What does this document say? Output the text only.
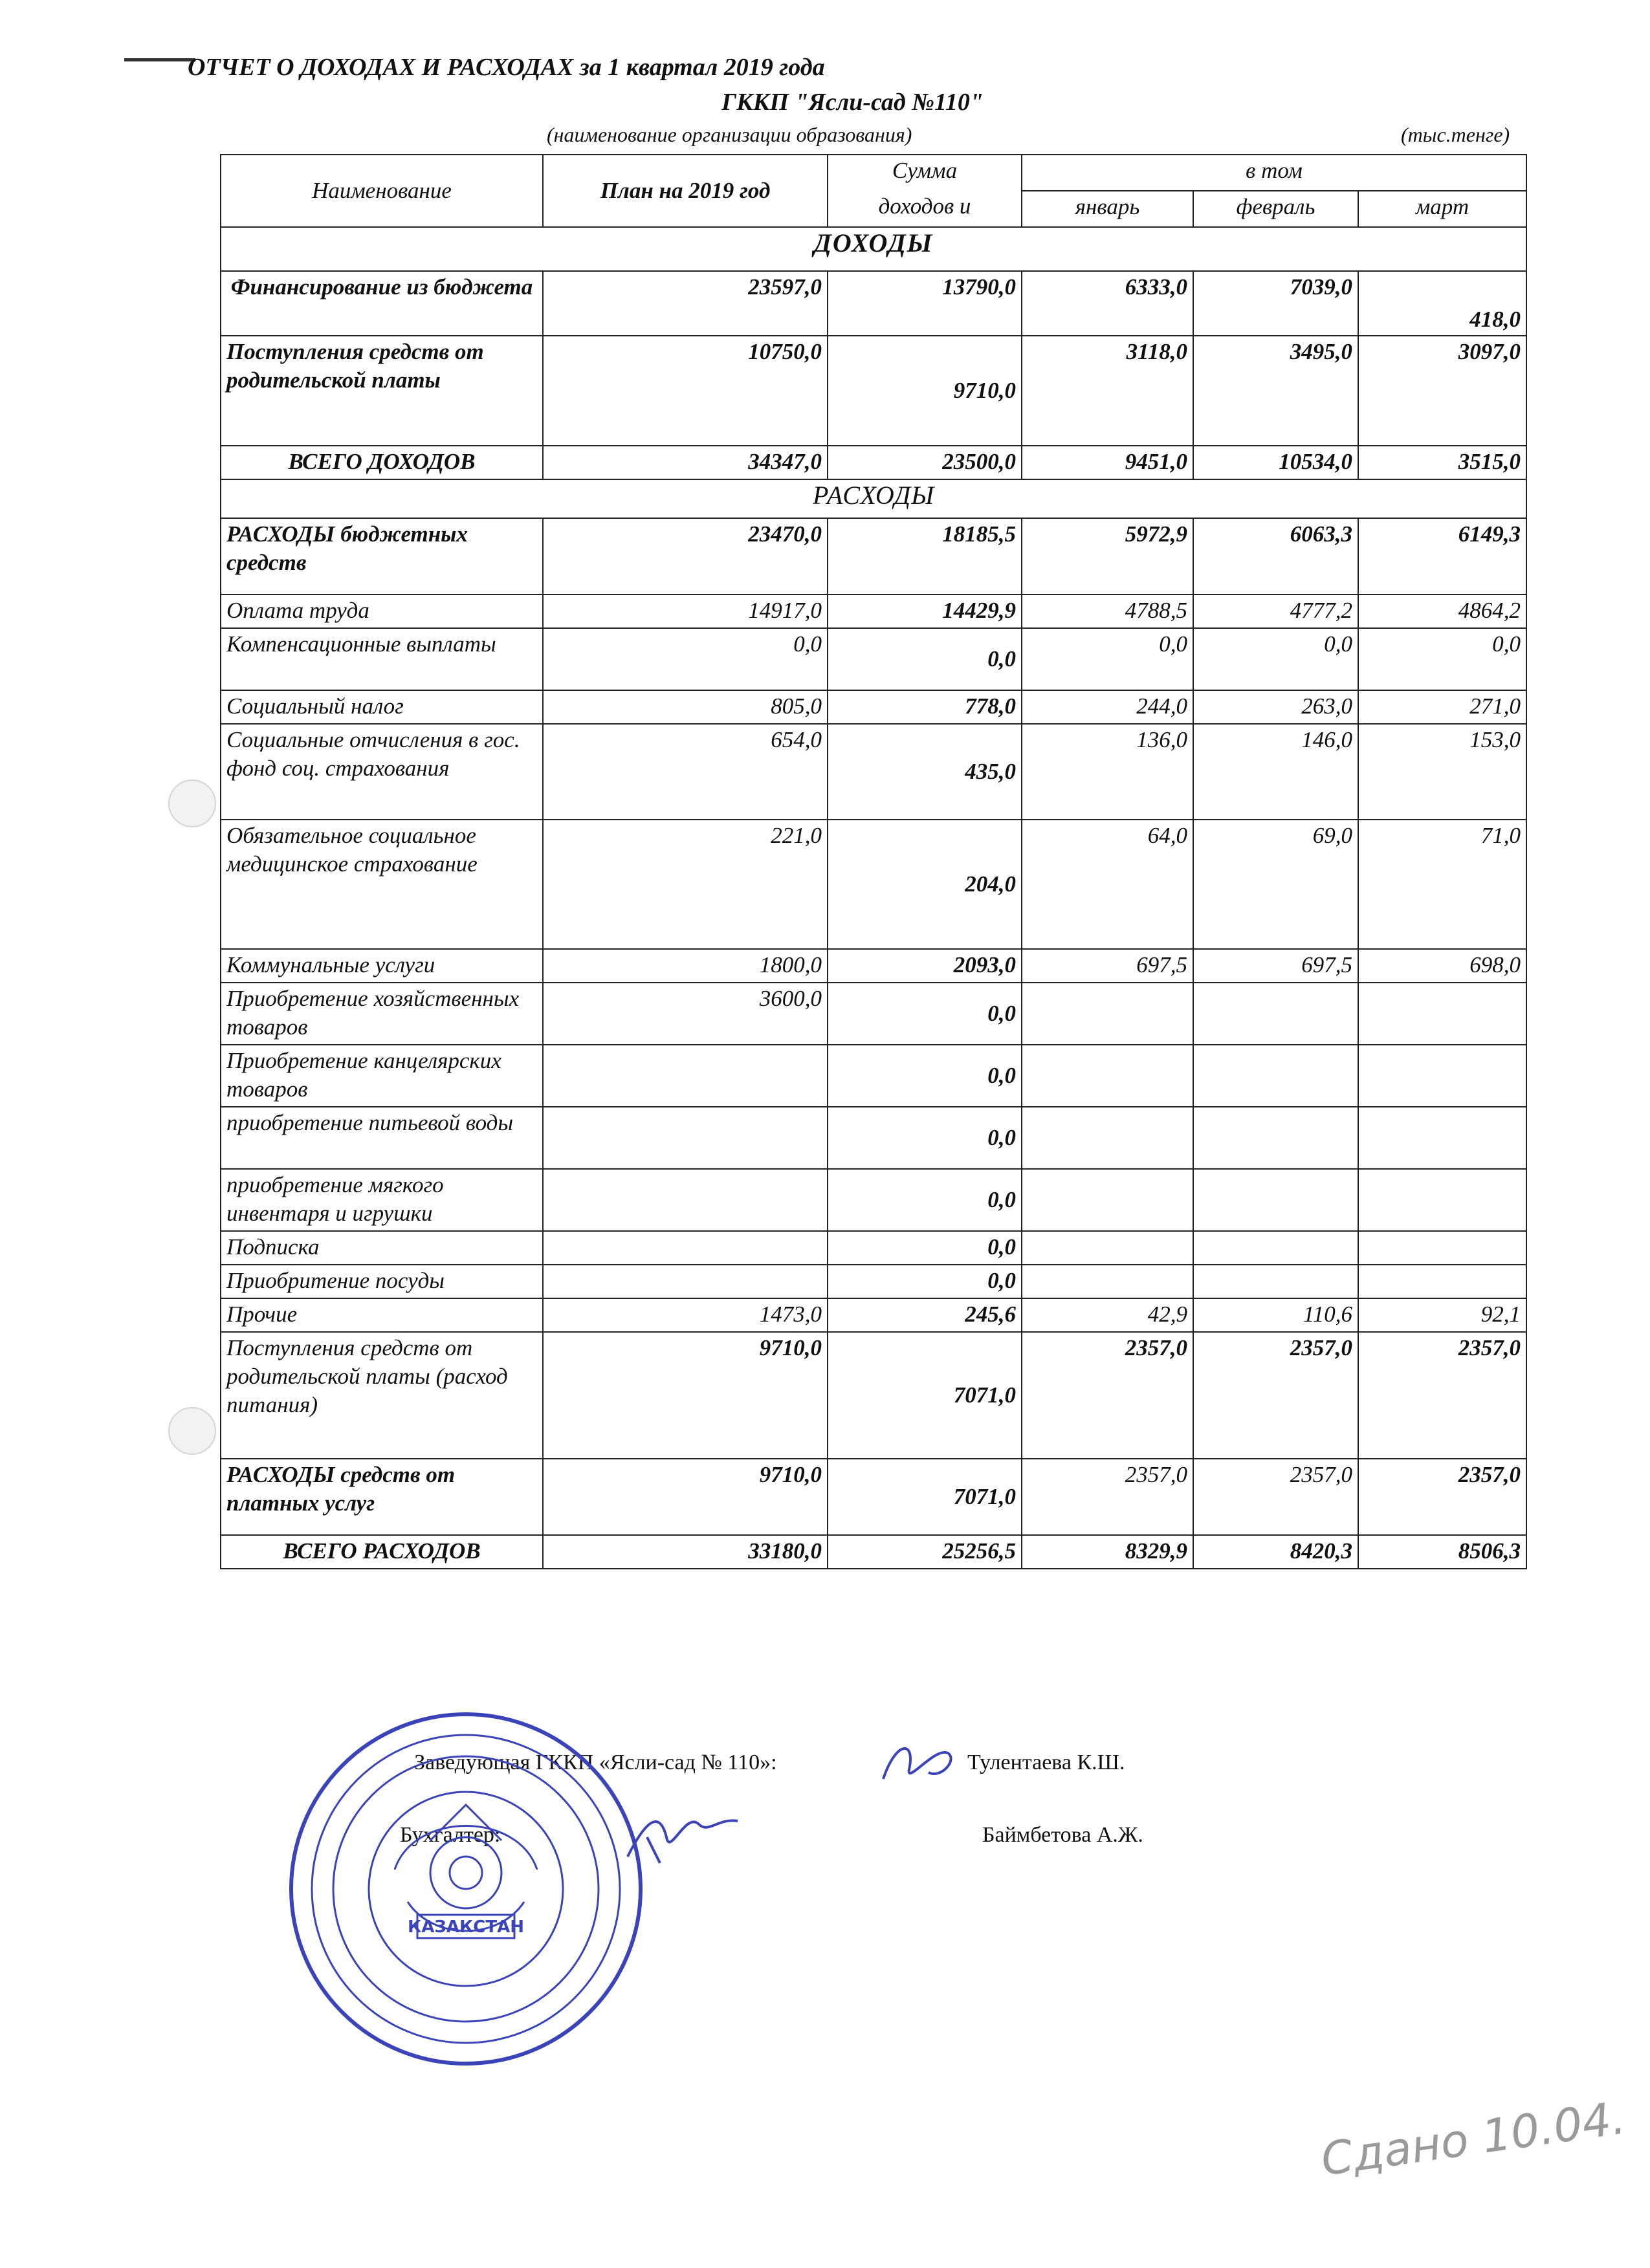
ОТЧЕТ О ДОХОДАХ И РАСХОДАХ за 1 квартал 2019 года
ГККП "Ясли-сад №110"
(наименование организации образования)	(тыс.тенге)
Наименование	План на 2019 год	Сумма	в том		
		доходов и	январь	февраль	март
ДОХОДЫ					
Финансирование из бюджета	23597,0	13790,0	6333,0	7039,0	418,0
Поступления средств от родительской платы	10750,0	9710,0	3118,0	3495,0	3097,0
ВСЕГО ДОХОДОВ	34347,0	23500,0	9451,0	10534,0	3515,0
РАСХОДЫ					
РАСХОДЫ бюджетных средств	23470,0	18185,5	5972,9	6063,3	6149,3
Оплата труда	14917,0	14429,9	4788,5	4777,2	4864,2
Компенсационные выплаты	0,0	0,0	0,0	0,0	0,0
Социальный налог	805,0	778,0	244,0	263,0	271,0
Социальные отчисления в гос. фонд соц. страхования	654,0	435,0	136,0	146,0	153,0
Обязательное социальное медицинское страхование	221,0	204,0	64,0	69,0	71,0
Коммунальные услуги	1800,0	2093,0	697,5	697,5	698,0
Приобретение хозяйственных товаров	3600,0	0,0			
Приобретение канцелярских товаров		0,0			
приобретение питьевой воды		0,0			
приобретение мягкого инвентаря и игрушки		0,0			
Подписка		0,0			
Приобритение посуды		0,0			
Прочие	1473,0	245,6	42,9	110,6	92,1
Поступления средств от родительской платы (расход питания)	9710,0	7071,0	2357,0	2357,0	2357,0
РАСХОДЫ средств от платных услуг	9710,0	7071,0	2357,0	2357,0	2357,0
ВСЕГО РАСХОДОВ	33180,0	25256,5	8329,9	8420,3	8506,3
Заведующая ГККП «Ясли-сад № 110»:	Тулентаева К.Ш.
Бухгалтер:	Баймбетова А.Ж.
КАЗАКСТАН
Сдано 10.04.
